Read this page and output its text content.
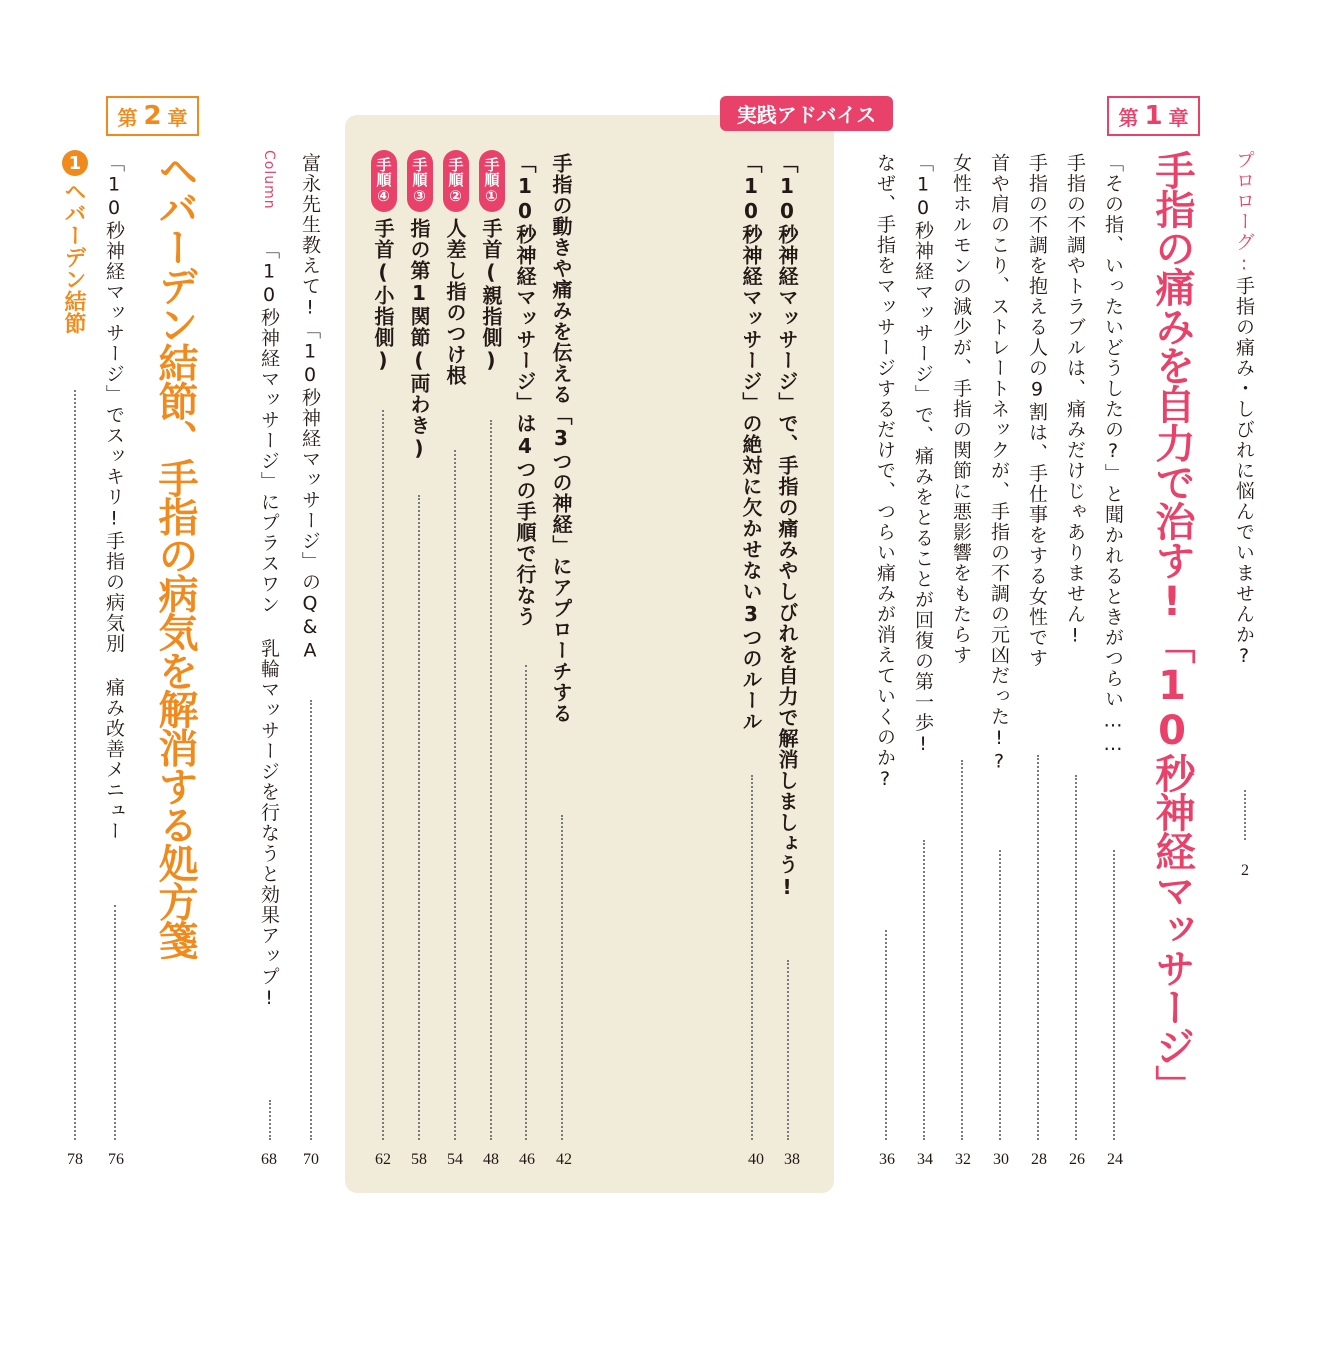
第 1 章
プロローグ:手指の痛み・しびれに悩んでいませんか?
2
手指の痛みを自力で治す!「10秒神経マッサージ」
「その指、いったいどうしたの?」と聞かれるときがつらい……
24
手指の不調やトラブルは、痛みだけじゃありません!
26
手指の不調を抱える人の9割は、手仕事をする女性です
28
首や肩のこり、ストレートネックが、手指の不調の元凶だった!?
30
女性ホルモンの減少が、手指の関節に悪影響をもたらす
32
「10秒神経マッサージ」で、痛みをとることが回復の第一歩!
34
なぜ、手指をマッサージするだけで、つらい痛みが消えていくのか?
36
実践アドバイス
「10秒神経マッサージ」で、手指の痛みやしびれを自力で解消しましょう!
38
「10秒神経マッサージ」の絶対に欠かせない3つのルール
40
手指の動きや痛みを伝える「3つの神経」にアプローチする
42
「10秒神経マッサージ」は4つの手順で行なう
46
手順①
手首(親指側)
48
手順②
人差し指のつけ根
54
手順③
指の第1関節(両わき)
58
手順④
手首(小指側)
62
富永先生教えて!「10秒神経マッサージ」のQ&A
70
Column
「10秒神経マッサージ」にプラスワン 乳輪マッサージを行なうと効果アップ!
68
第 2 章
ヘバーデン結節、手指の病気を解消する処方箋
「10秒神経マッサージ」でスッキリ!手指の病気別 痛み改善メニュー
76
1
ヘバーデン結節
78
